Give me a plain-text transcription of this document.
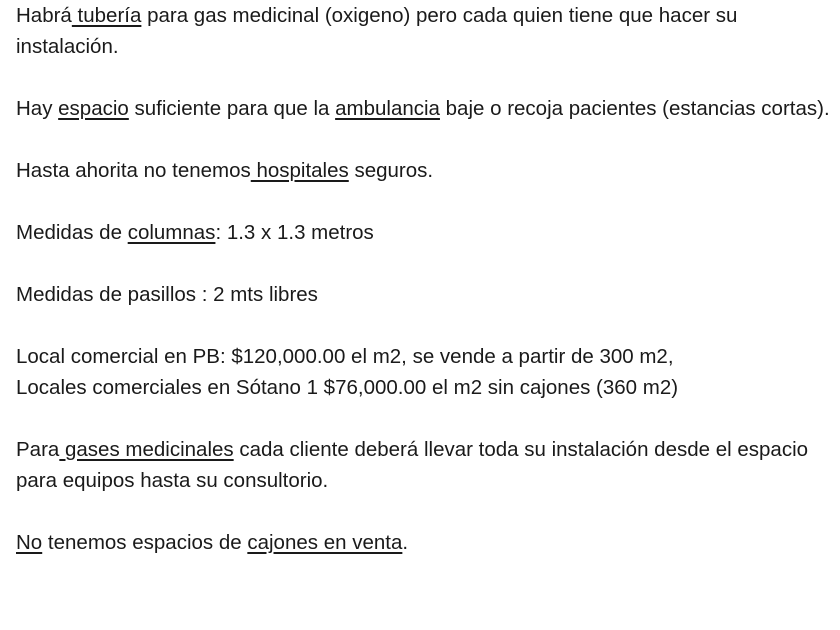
Habrá tubería para gas medicinal (oxigeno) pero cada quien tiene que hacer su instalación.

Hay espacio suficiente para que la ambulancia baje o recoja pacientes (estancias cortas).

Hasta ahorita no tenemos hospitales seguros.

Medidas de columnas: 1.3 x 1.3 metros

Medidas de pasillos : 2 mts libres

Local comercial en PB: $120,000.00 el m2, se vende a partir de 300 m2,
Locales comerciales en Sótano 1 $76,000.00 el m2 sin cajones (360 m2)

Para gases medicinales cada cliente deberá llevar toda su instalación desde el espacio para equipos hasta su consultorio.

No tenemos espacios de cajones en venta.
